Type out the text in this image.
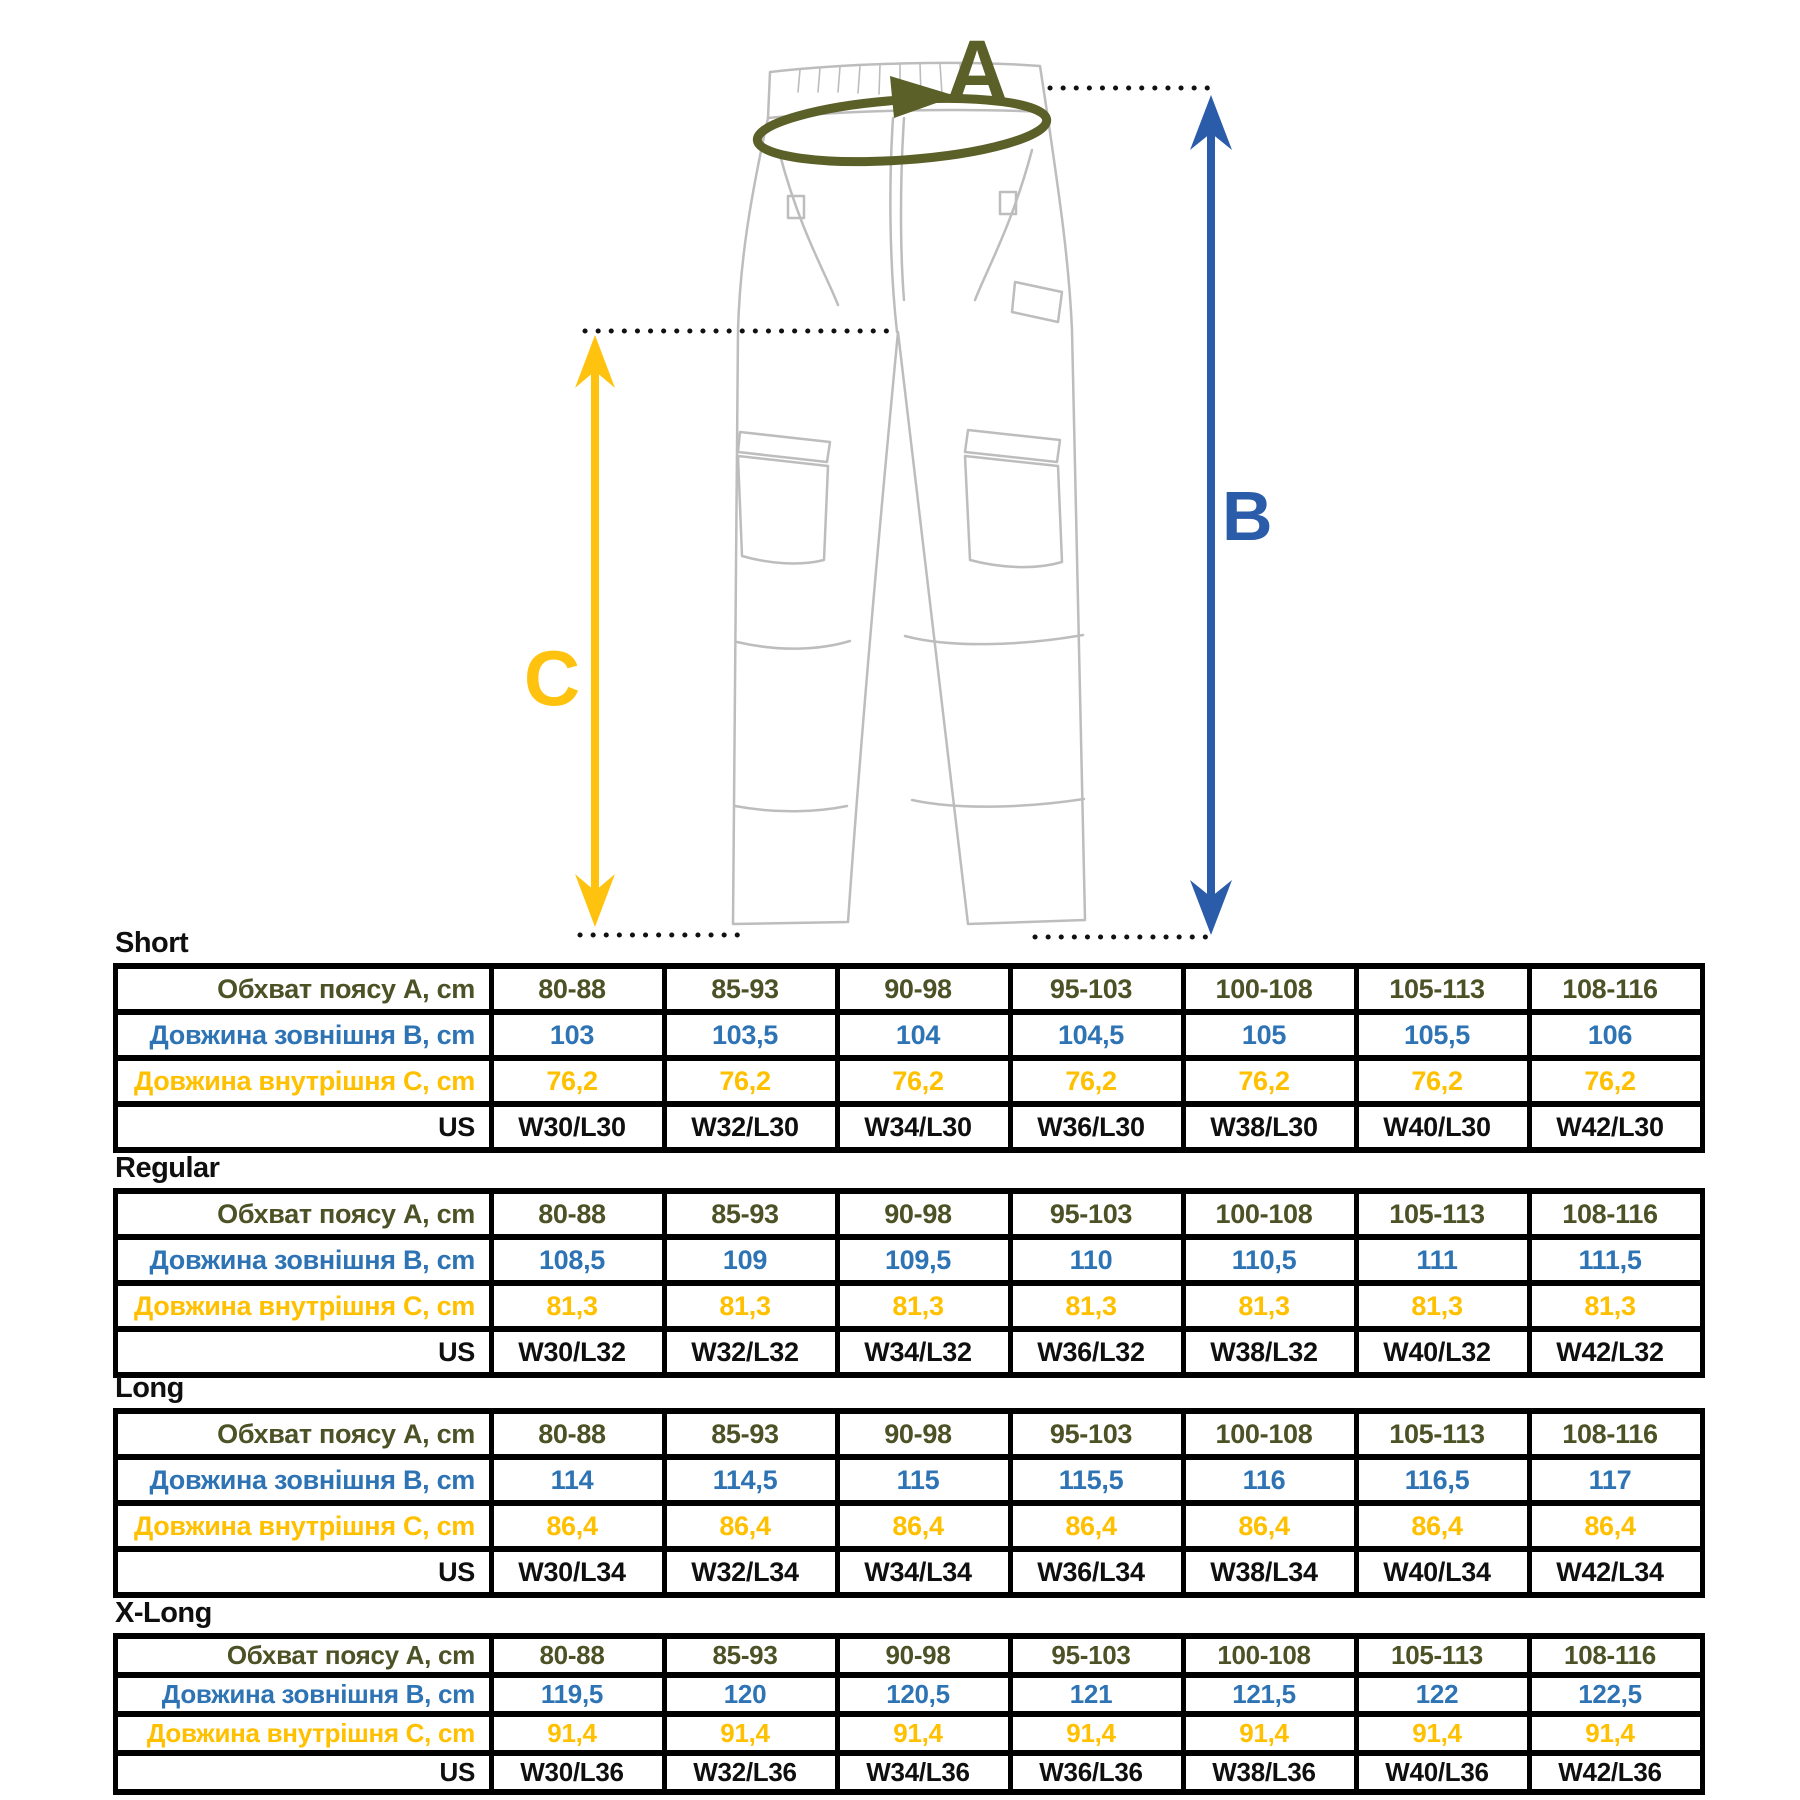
A
B
C
Short
Обхват поясу A, cm	80-88	85-93	90-98	95-103	100-108	105-113	108-116
Довжина зовнішня B, cm	103	103,5	104	104,5	105	105,5	106
Довжина внутрішня C, cm	76,2	76,2	76,2	76,2	76,2	76,2	76,2
US	W30/L30	W32/L30	W34/L30	W36/L30	W38/L30	W40/L30	W42/L30
Regular
Обхват поясу A, cm	80-88	85-93	90-98	95-103	100-108	105-113	108-116
Довжина зовнішня B, cm	108,5	109	109,5	110	110,5	111	111,5
Довжина внутрішня C, cm	81,3	81,3	81,3	81,3	81,3	81,3	81,3
US	W30/L32	W32/L32	W34/L32	W36/L32	W38/L32	W40/L32	W42/L32
Long
Обхват поясу A, cm	80-88	85-93	90-98	95-103	100-108	105-113	108-116
Довжина зовнішня B, cm	114	114,5	115	115,5	116	116,5	117
Довжина внутрішня C, cm	86,4	86,4	86,4	86,4	86,4	86,4	86,4
US	W30/L34	W32/L34	W34/L34	W36/L34	W38/L34	W40/L34	W42/L34
X-Long
Обхват поясу A, cm	80-88	85-93	90-98	95-103	100-108	105-113	108-116
Довжина зовнішня B, cm	119,5	120	120,5	121	121,5	122	122,5
Довжина внутрішня C, cm	91,4	91,4	91,4	91,4	91,4	91,4	91,4
US	W30/L36	W32/L36	W34/L36	W36/L36	W38/L36	W40/L36	W42/L36
